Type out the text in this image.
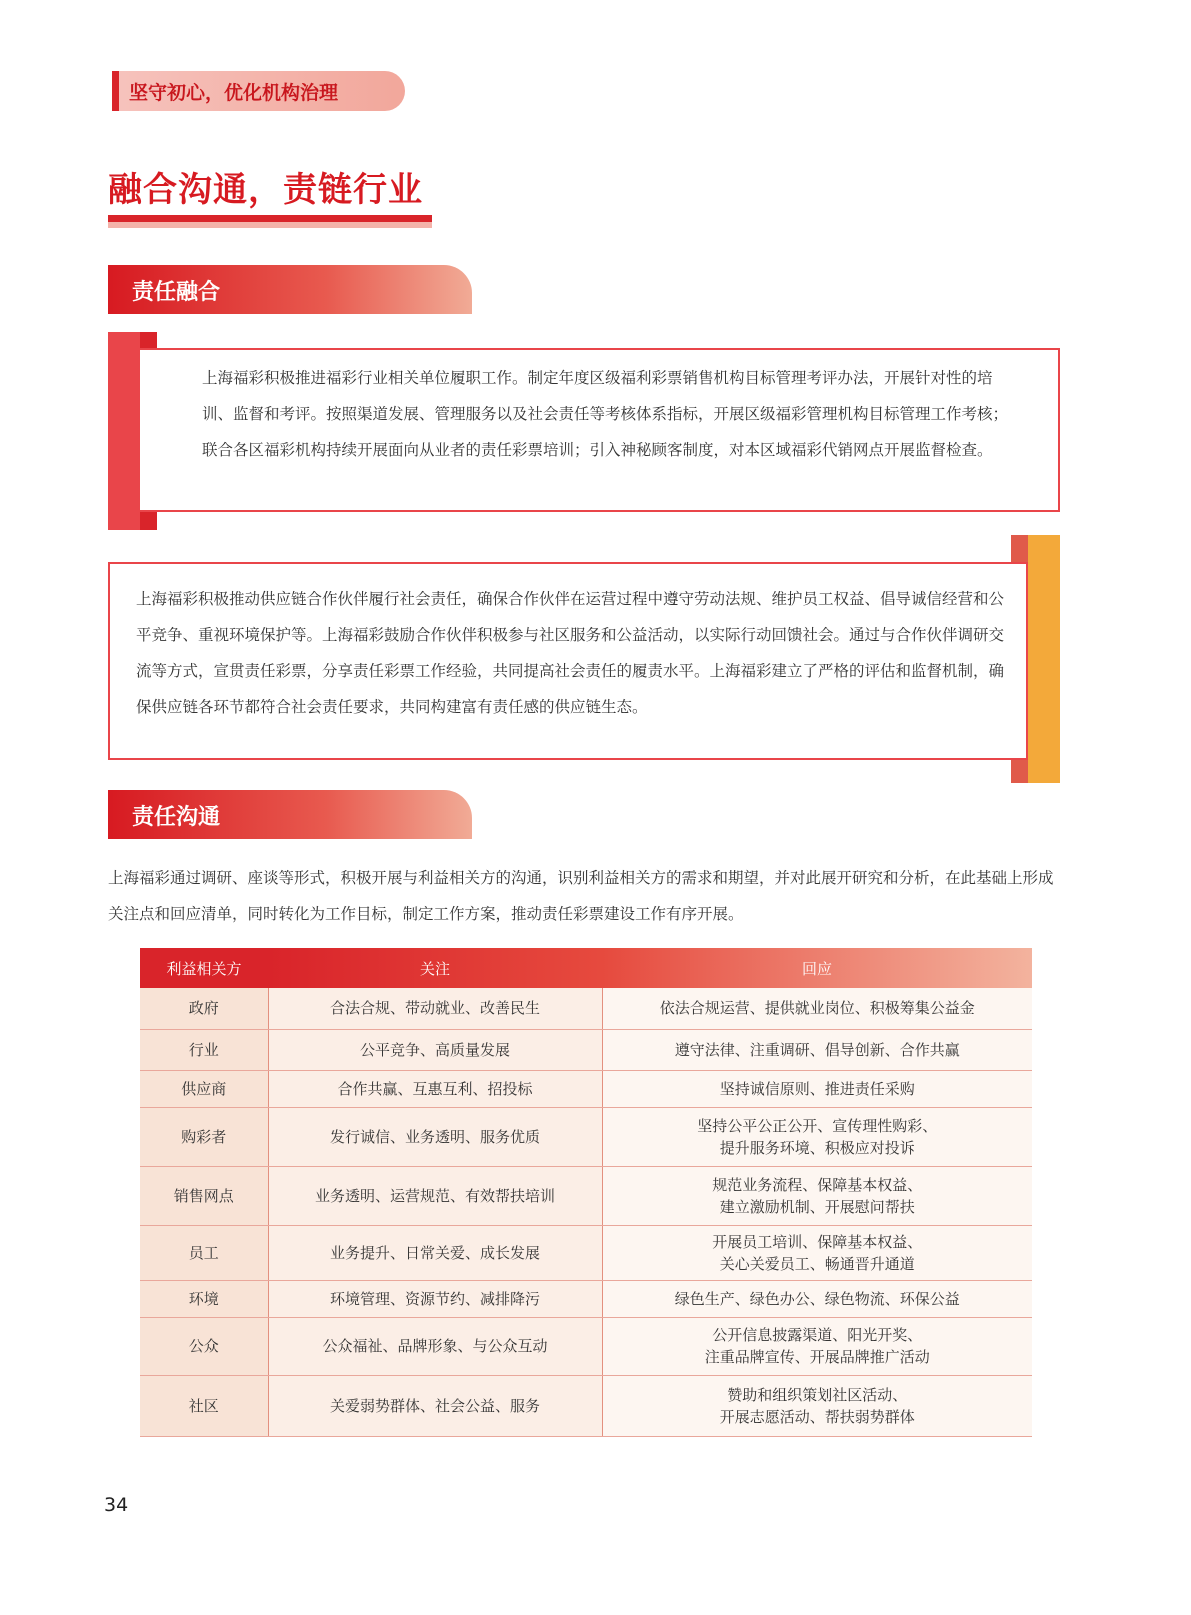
坚守初心，优化机构治理
融合沟通，责链行业
责任融合

上海福彩积极推进福彩行业相关单位履职工作。制定年度区级福利彩票销售机构目标管理考评办法，开展针对性的培训、监督和考评。按照渠道发展、管理服务以及社会责任等考核体系指标，开展区级福彩管理机构目标管理工作考核；联合各区福彩机构持续开展面向从业者的责任彩票培训；引入神秘顾客制度，对本区域福彩代销网点开展监督检查。

上海福彩积极推动供应链合作伙伴履行社会责任，确保合作伙伴在运营过程中遵守劳动法规、维护员工权益、倡导诚信经营和公平竞争、重视环境保护等。上海福彩鼓励合作伙伴积极参与社区服务和公益活动，以实际行动回馈社会。通过与合作伙伴调研交流等方式，宣贯责任彩票，分享责任彩票工作经验，共同提高社会责任的履责水平。上海福彩建立了严格的评估和监督机制，确保供应链各环节都符合社会责任要求，共同构建富有责任感的供应链生态。

责任沟通

上海福彩通过调研、座谈等形式，积极开展与利益相关方的沟通，识别利益相关方的需求和期望，并对此展开研究和分析，在此基础上形成关注点和回应清单，同时转化为工作目标，制定工作方案，推动责任彩票建设工作有序开展。

利益相关方	关注	回应
政府	合法合规、带动就业、改善民生	依法合规运营、提供就业岗位、积极筹集公益金

行业	公平竞争、高质量发展	遵守法律、注重调研、倡导创新、合作共赢

供应商	合作共赢、互惠互利、招投标	坚持诚信原则、推进责任采购

购彩者	发行诚信、业务透明、服务优质	坚持公平公正公开、宣传理性购彩、
提升服务环境、积极应对投诉

销售网点	业务透明、运营规范、有效帮扶培训	规范业务流程、保障基本权益、
建立激励机制、开展慰问帮扶

员工	业务提升、日常关爱、成长发展	开展员工培训、保障基本权益、
关心关爱员工、畅通晋升通道

环境	环境管理、资源节约、减排降污	绿色生产、绿色办公、绿色物流、环保公益

公众	公众福祉、品牌形象、与公众互动	公开信息披露渠道、阳光开奖、
注重品牌宣传、开展品牌推广活动

社区	关爱弱势群体、社会公益、服务	赞助和组织策划社区活动、
开展志愿活动、帮扶弱势群体
34
